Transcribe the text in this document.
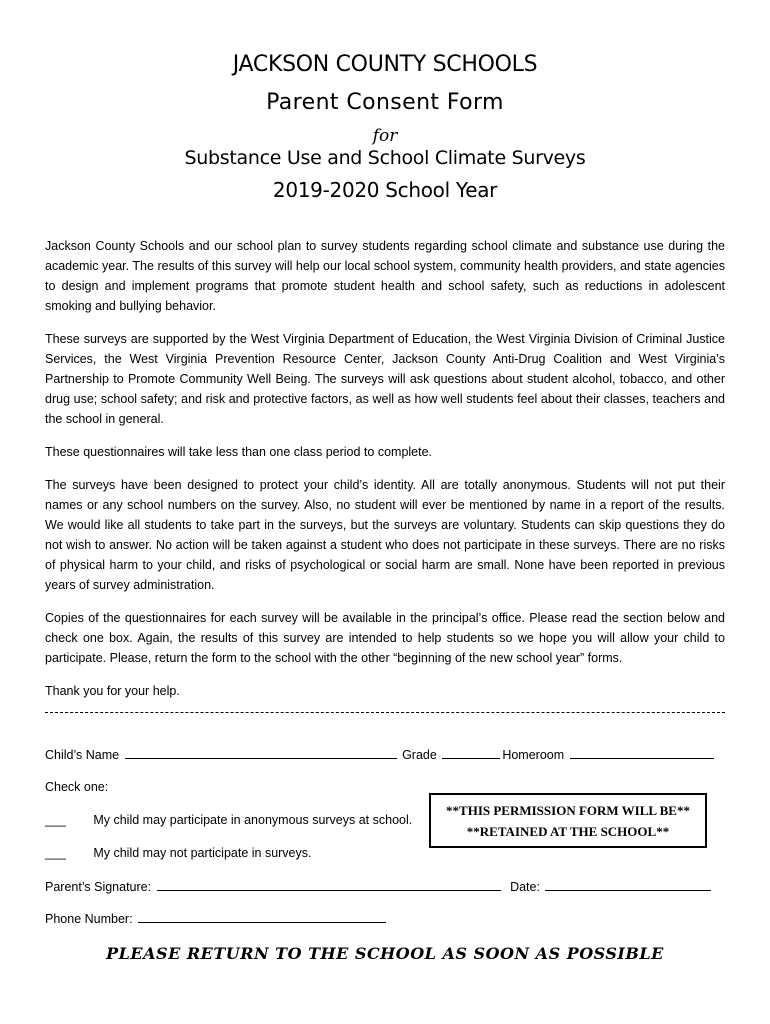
JACKSON COUNTY SCHOOLS
Parent Consent Form
for
Substance Use and School Climate Surveys
2019-2020 School Year

Jackson County Schools and our school plan to survey students regarding school climate and substance use during the academic year. The results of this survey will help our local school system, community health providers, and state agencies to design and implement programs that promote student health and school safety, such as reductions in adolescent smoking and bullying behavior.

These surveys are supported by the West Virginia Department of Education, the West Virginia Division of Criminal Justice Services, the West Virginia Prevention Resource Center, Jackson County Anti-Drug Coalition and West Virginia’s Partnership to Promote Community Well Being. The surveys will ask questions about student alcohol, tobacco, and other drug use; school safety; and risk and protective factors, as well as how well students feel about their classes, teachers and the school in general.

These questionnaires will take less than one class period to complete.

The surveys have been designed to protect your child’s identity. All are totally anonymous. Students will not put their names or any school numbers on the survey. Also, no student will ever be mentioned by name in a report of the results. We would like all students to take part in the surveys, but the surveys are voluntary. Students can skip questions they do not wish to answer. No action will be taken against a student who does not participate in these surveys. There are no risks of physical harm to your child, and risks of psychological or social harm are small. None have been reported in previous years of survey administration.

Copies of the questionnaires for each survey will be available in the principal’s office. Please read the section below and check one box. Again, the results of this survey are intended to help students so we hope you will allow your child to participate. Please, return the form to the school with the other “beginning of the new school year” forms.

Thank you for your help.

Child’s Name	Grade	Homeroom
Check one:
___ My child may participate in anonymous surveys at school.
___ My child may not participate in surveys.
**THIS PERMISSION FORM WILL BE**
**RETAINED AT THE SCHOOL**
Parent’s Signature:	Date:
Phone Number:
PLEASE RETURN TO THE SCHOOL AS SOON AS POSSIBLE
